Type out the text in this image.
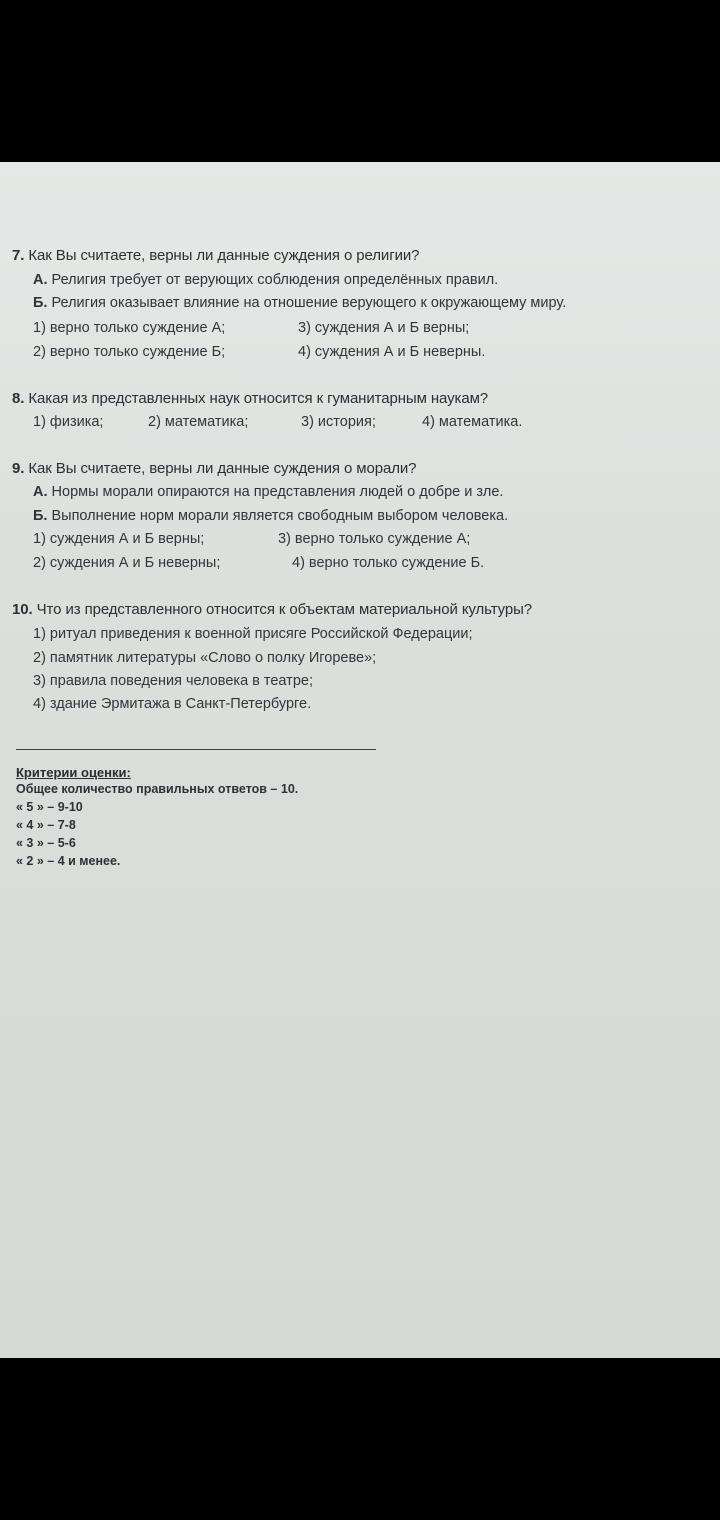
7. Как Вы считаете, верны ли данные суждения о религии?
А. Религия требует от верующих соблюдения определённых правил.
Б. Религия оказывает влияние на отношение верующего к окружающему миру.
1) верно только суждение А;	3) суждения А и Б верны;
2) верно только суждение Б;	4) суждения А и Б неверны.
8. Какая из представленных наук относится к гуманитарным наукам?
1) физика;	2) математика;	3) история;	4) математика.
9. Как Вы считаете, верны ли данные суждения о морали?
А. Нормы морали опираются на представления людей о добре и зле.
Б. Выполнение норм морали является свободным выбором человека.
1) суждения А и Б верны;	3) верно только суждение А;
2) суждения А и Б неверны;	4) верно только суждение Б.
10. Что из представленного относится к объектам материальной культуры?
1) ритуал приведения к военной присяге Российской Федерации;
2) памятник литературы «Слово о полку Игореве»;
3) правила поведения человека в театре;
4) здание Эрмитажа в Санкт-Петербурге.
Критерии оценки:
Общее количество правильных ответов – 10.
« 5 » – 9-10
« 4 » – 7-8
« 3 » – 5-6
« 2 » – 4 и менее.
